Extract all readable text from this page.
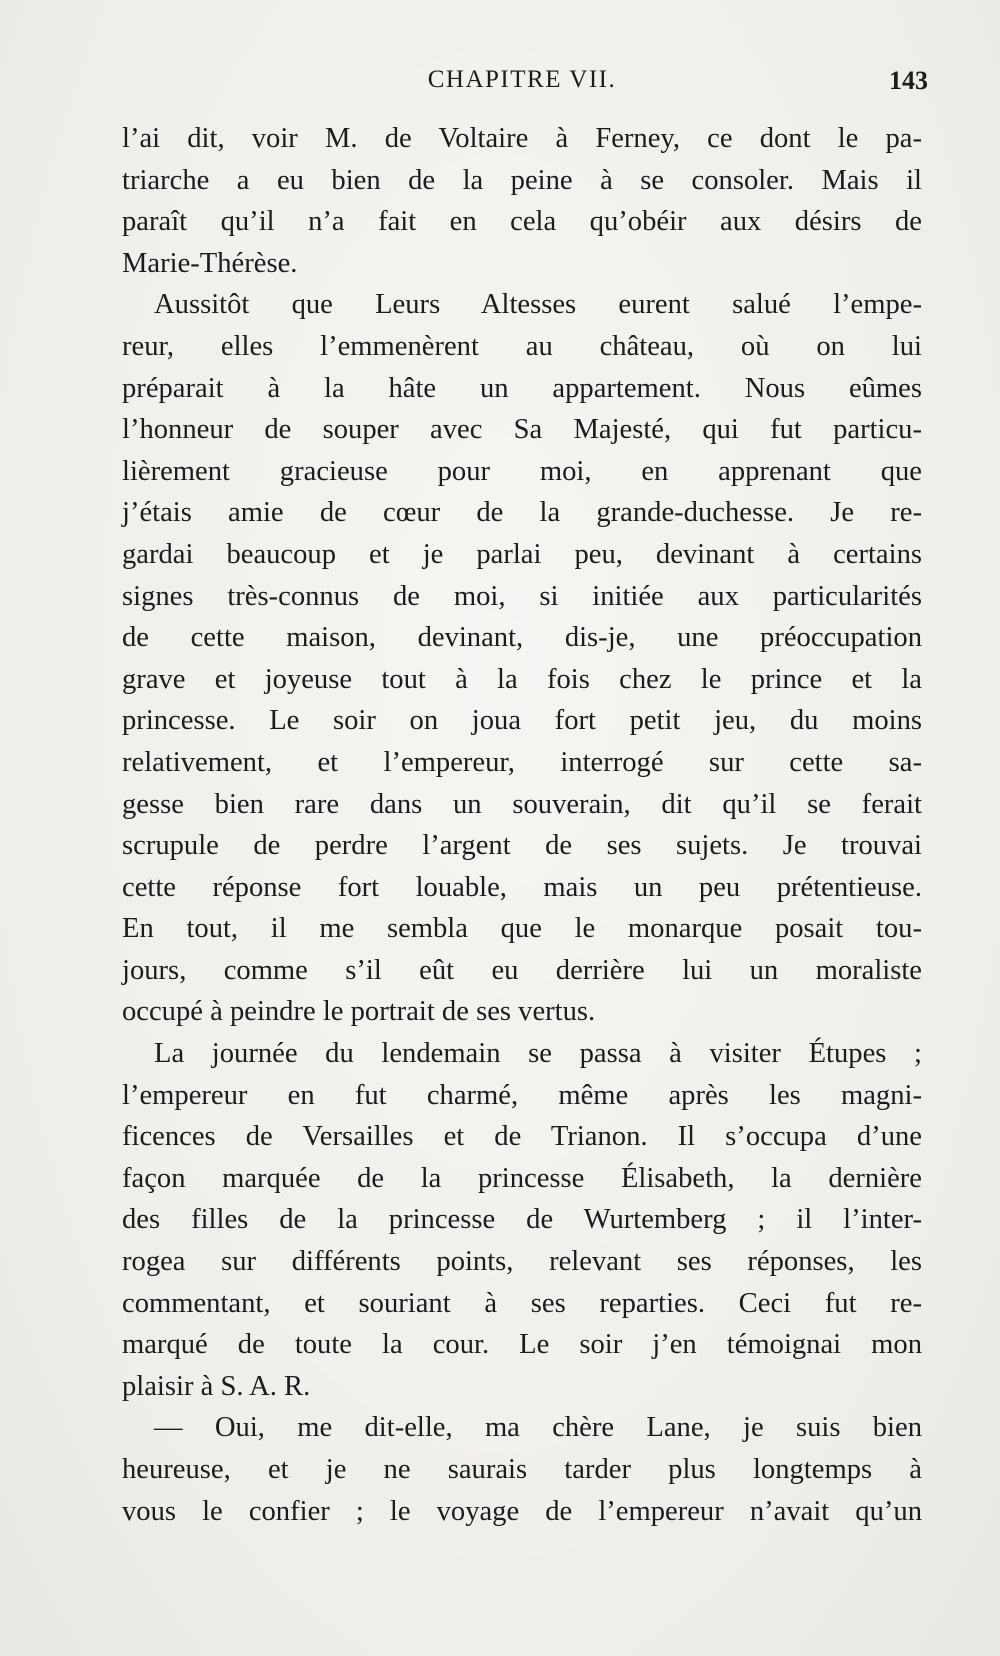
CHAPITRE VII.	143
l’ai dit, voir M. de Voltaire à Ferney, ce dont le pa-
triarche a eu bien de la peine à se consoler. Mais il
paraît qu’il n’a fait en cela qu’obéir aux désirs de
Marie-Thérèse.
Aussitôt que Leurs Altesses eurent salué l’empe-
reur, elles l’emmenèrent au château, où on lui
préparait à la hâte un appartement. Nous eûmes
l’honneur de souper avec Sa Majesté, qui fut particu-
lièrement gracieuse pour moi, en apprenant que
j’étais amie de cœur de la grande-duchesse. Je re-
gardai beaucoup et je parlai peu, devinant à certains
signes très-connus de moi, si initiée aux particularités
de cette maison, devinant, dis-je, une préoccupation
grave et joyeuse tout à la fois chez le prince et la
princesse. Le soir on joua fort petit jeu, du moins
relativement, et l’empereur, interrogé sur cette sa-
gesse bien rare dans un souverain, dit qu’il se ferait
scrupule de perdre l’argent de ses sujets. Je trouvai
cette réponse fort louable, mais un peu prétentieuse.
En tout, il me sembla que le monarque posait tou-
jours, comme s’il eût eu derrière lui un moraliste
occupé à peindre le portrait de ses vertus.
La journée du lendemain se passa à visiter Étupes ;
l’empereur en fut charmé, même après les magni-
ficences de Versailles et de Trianon. Il s’occupa d’une
façon marquée de la princesse Élisabeth, la dernière
des filles de la princesse de Wurtemberg ; il l’inter-
rogea sur différents points, relevant ses réponses, les
commentant, et souriant à ses reparties. Ceci fut re-
marqué de toute la cour. Le soir j’en témoignai mon
plaisir à S. A. R.
— Oui, me dit-elle, ma chère Lane, je suis bien
heureuse, et je ne saurais tarder plus longtemps à
vous le confier ; le voyage de l’empereur n’avait qu’un
